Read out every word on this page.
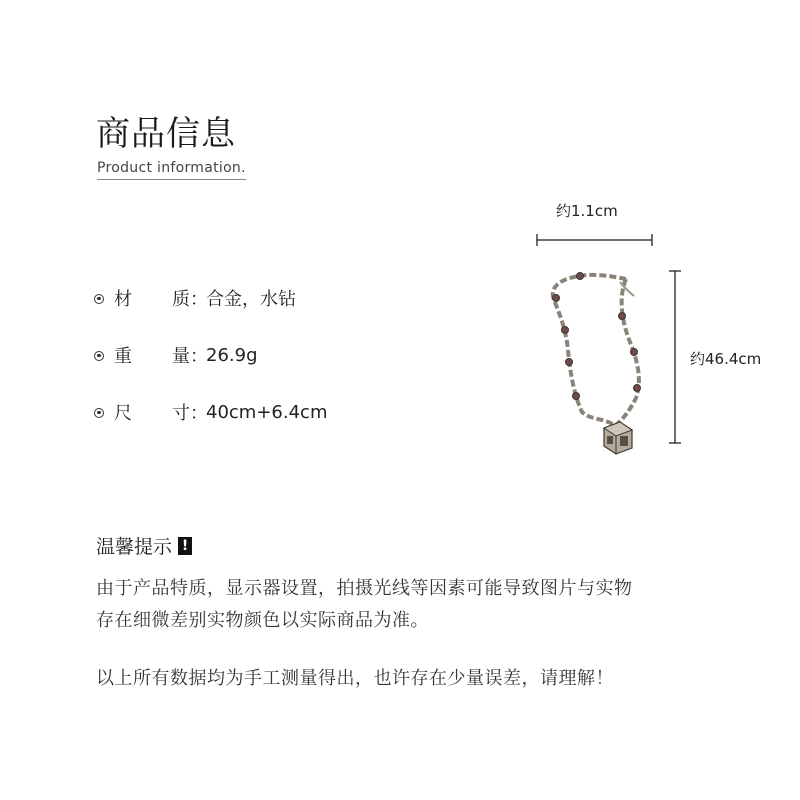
商品信息
Product information.
材 质 ：
合金，水钻
重 量 ：
26.9g
尺 寸 ：
40cm+6.4cm
约1.1cm
约46.4cm
温馨提示 !
由于产品特质，显示器设置，拍摄光线等因素可能导致图片与实物
存在细微差别实物颜色以实际商品为准。
以上所有数据均为手工测量得出，也许存在少量误差，请理解！
